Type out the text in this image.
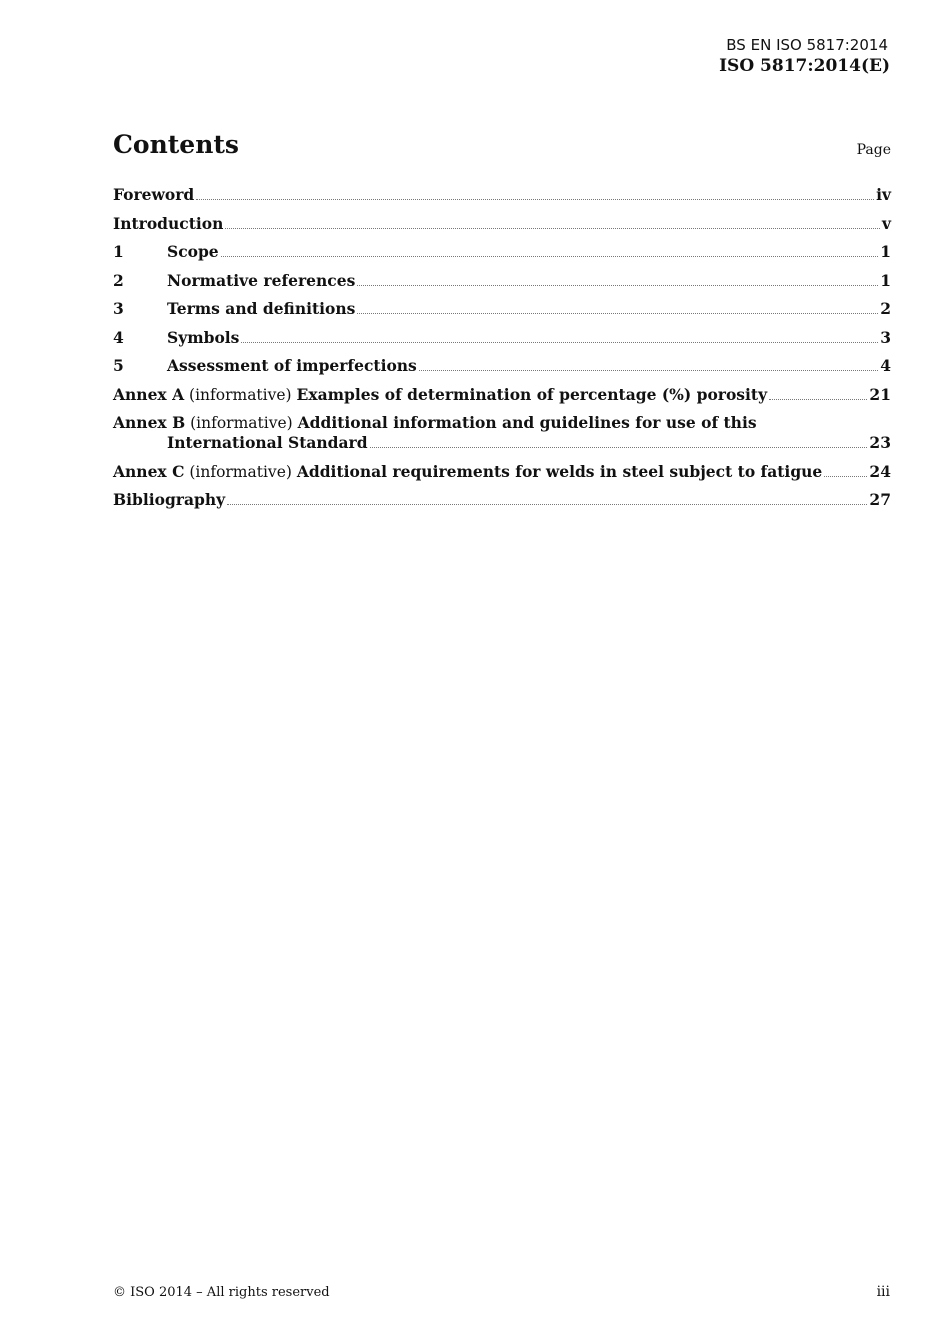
BS EN ISO 5817:2014
ISO 5817:2014(E)
Contents	Page
Foreword	iv
Introduction	v
1	Scope	1
2	Normative references	1
3	Terms and definitions	2
4	Symbols	3
5	Assessment of imperfections	4
Annex A (informative) Examples of determination of percentage (%) porosity	21
Annex B (informative) Additional information and guidelines for use of this
International Standard	23
Annex C (informative) Additional requirements for welds in steel subject to fatigue	24
Bibliography	27
© ISO 2014 – All rights reserved	iii
